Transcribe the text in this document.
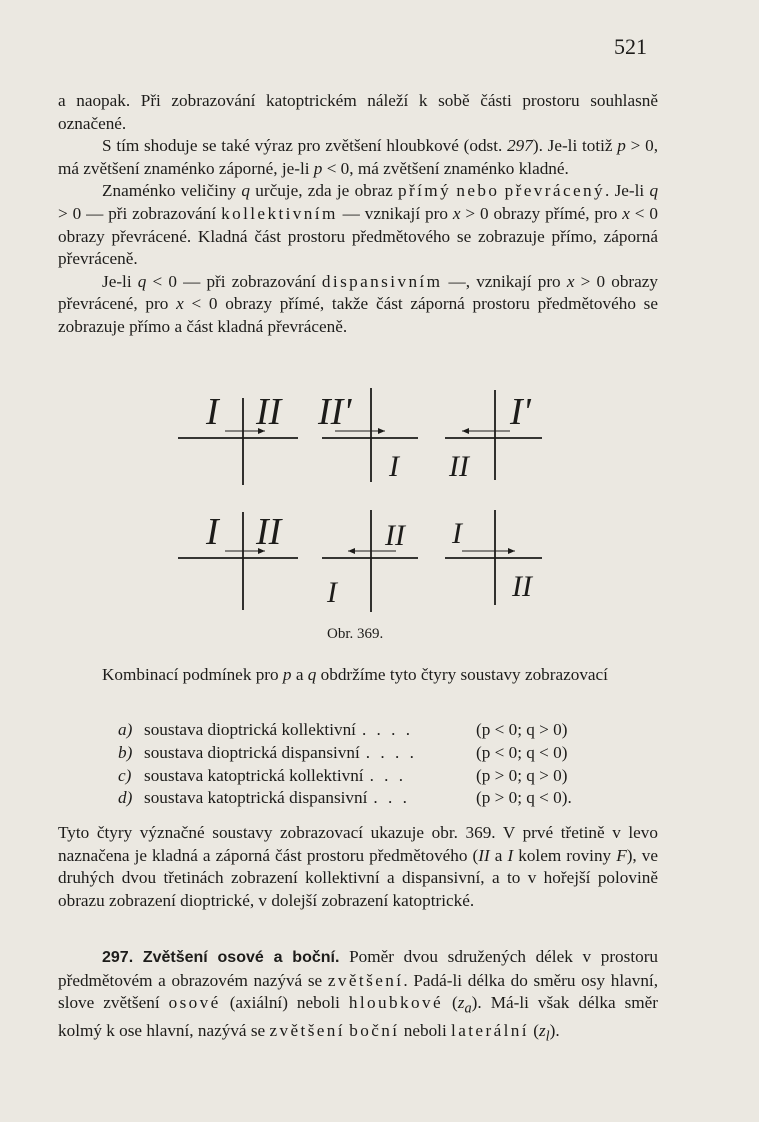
521

a naopak. Při zobrazování katoptrickém náleží k sobě části prostoru souhlasně označené.

S tím shoduje se také výraz pro zvětšení hloubkové (odst. 297). Je-li totiž p > 0, má zvětšení znaménko záporné, je-li p < 0, má zvětšení znaménko kladné.

Znaménko veličiny q určuje, zda je obraz přímý nebo převrácený. Je-li q > 0 — při zobrazování kollektivním — vznikají pro x > 0 obrazy přímé, pro x < 0 obrazy převrácené. Kladná část prostoru předmětového se zobrazuje přímo, záporná převráceně.

Je-li q < 0 — při zobrazování dispansivním —, vznikají pro x > 0 obrazy převrácené, pro x < 0 obrazy přímé, takže část záporná prostoru předmětového se zobrazuje přímo a část kladná převráceně.

I II II'	I'
I II
I II	II I
I	II
Obr. 369.

Kombinací podmínek pro p a q obdržíme tyto čtyry soustavy zobrazovací

a) soustava dioptrická kollektivní . . . .	(p < 0; q > 0)
b) soustava dioptrická dispansivní . . . .	(p < 0; q < 0)
c) soustava katoptrická kollektivní . . .	(p > 0; q > 0)
d) soustava katoptrická dispansivní . . .	(p > 0; q < 0).

Tyto čtyry význačné soustavy zobrazovací ukazuje obr. 369. V prvé třetině v levo naznačena je kladná a záporná část prostoru předmětového (II a I kolem roviny F), ve druhých dvou třetinách zobrazení kollektivní a dispansivní, a to v hořejší polovině obrazu zobrazení dioptrické, v dolejší zobrazení katoptrické.

297. Zvětšení osové a boční. Poměr dvou sdružených délek v prostoru předmětovém a obrazovém nazývá se zvětšení. Padá-li délka do směru osy hlavní, slove zvětšení osové (axiální) neboli hloubkové $(z_a)$. Má-li však délka směr kolmý k ose hlavní, nazývá se zvětšení boční neboli laterální $(z_l)$.
